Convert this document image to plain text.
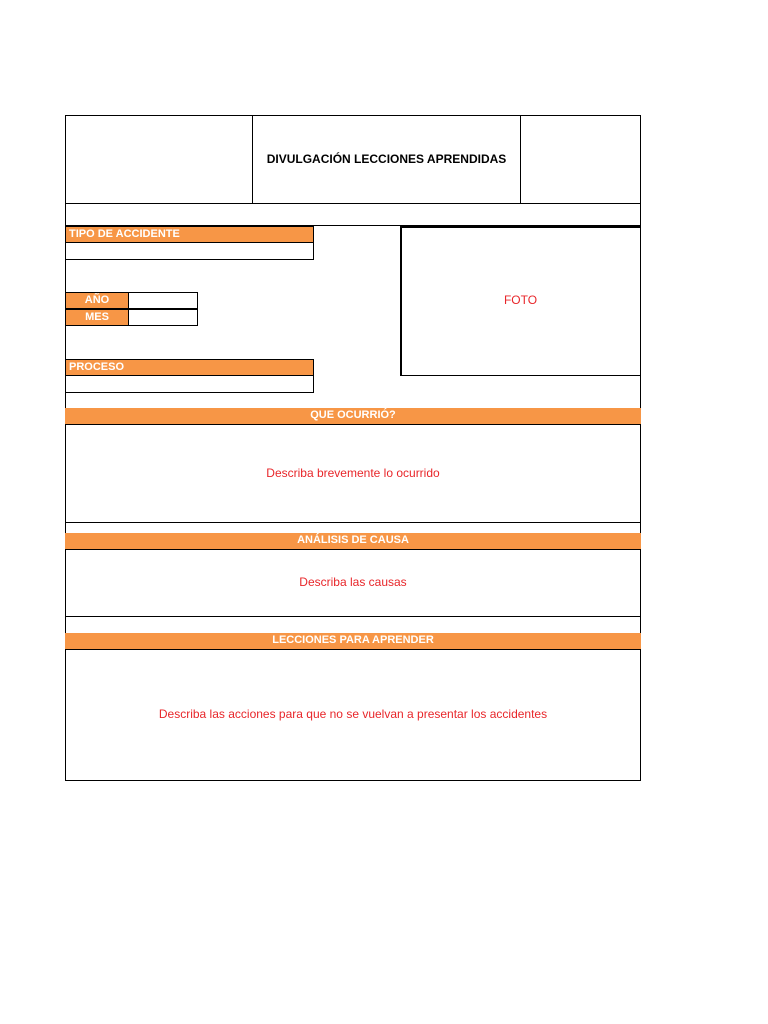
DIVULGACIÓN LECCIONES APRENDIDAS
TIPO DE ACCIDENTE
AÑO
MES
PROCESO
FOTO
QUE OCURRIÓ?
Describa brevemente lo ocurrido
ANÁLISIS DE CAUSA
Describa las causas
LECCIONES PARA APRENDER
Describa las acciones para que no se vuelvan a presentar los accidentes
